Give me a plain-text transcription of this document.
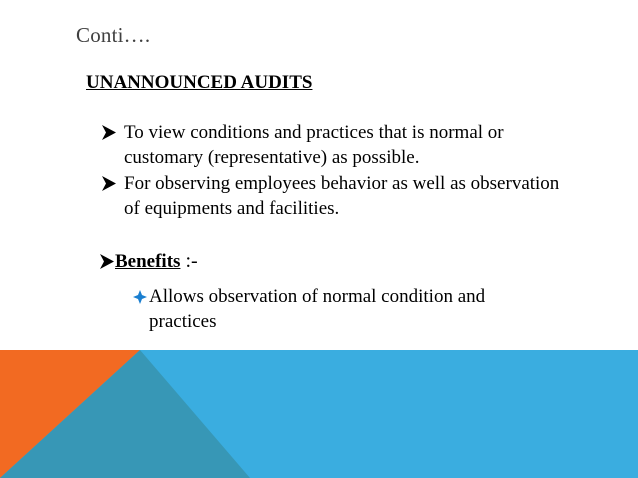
Conti….
UNANNOUNCED AUDITS
To view conditions and practices that is normal or customary (representative) as possible.
For observing employees behavior as well as observation of equipments and facilities.
Benefits :-
Allows observation of normal condition and practices
